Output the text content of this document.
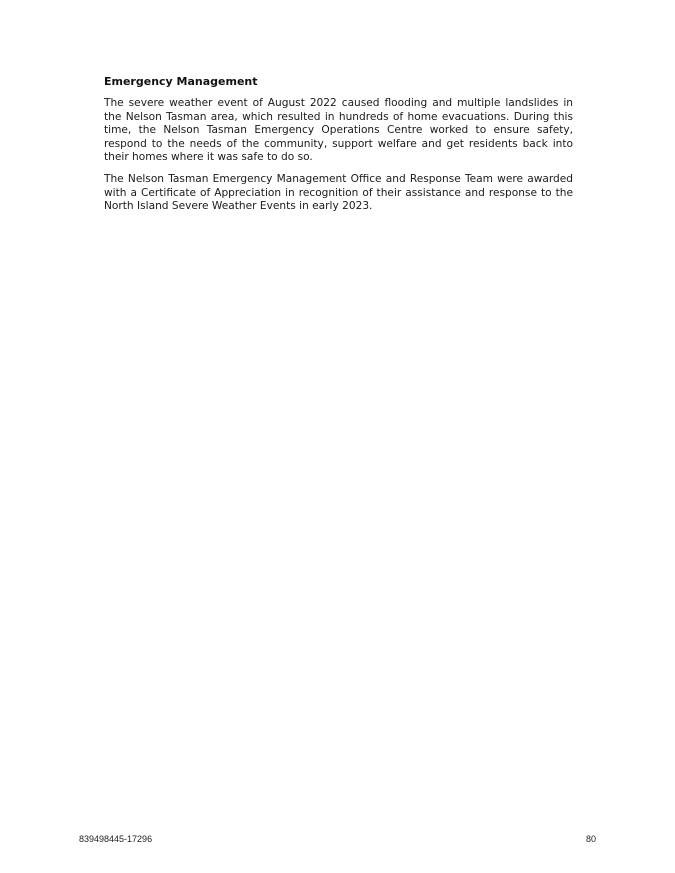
Emergency Management

The severe weather event of August 2022 caused flooding and multiple landslides in the Nelson Tasman area, which resulted in hundreds of home evacuations. During this time, the Nelson Tasman Emergency Operations Centre worked to ensure safety, respond to the needs of the community, support welfare and get residents back into their homes where it was safe to do so.

The Nelson Tasman Emergency Management Office and Response Team were awarded with a Certificate of Appreciation in recognition of their assistance and response to the North Island Severe Weather Events in early 2023.

839498445-17296	80
